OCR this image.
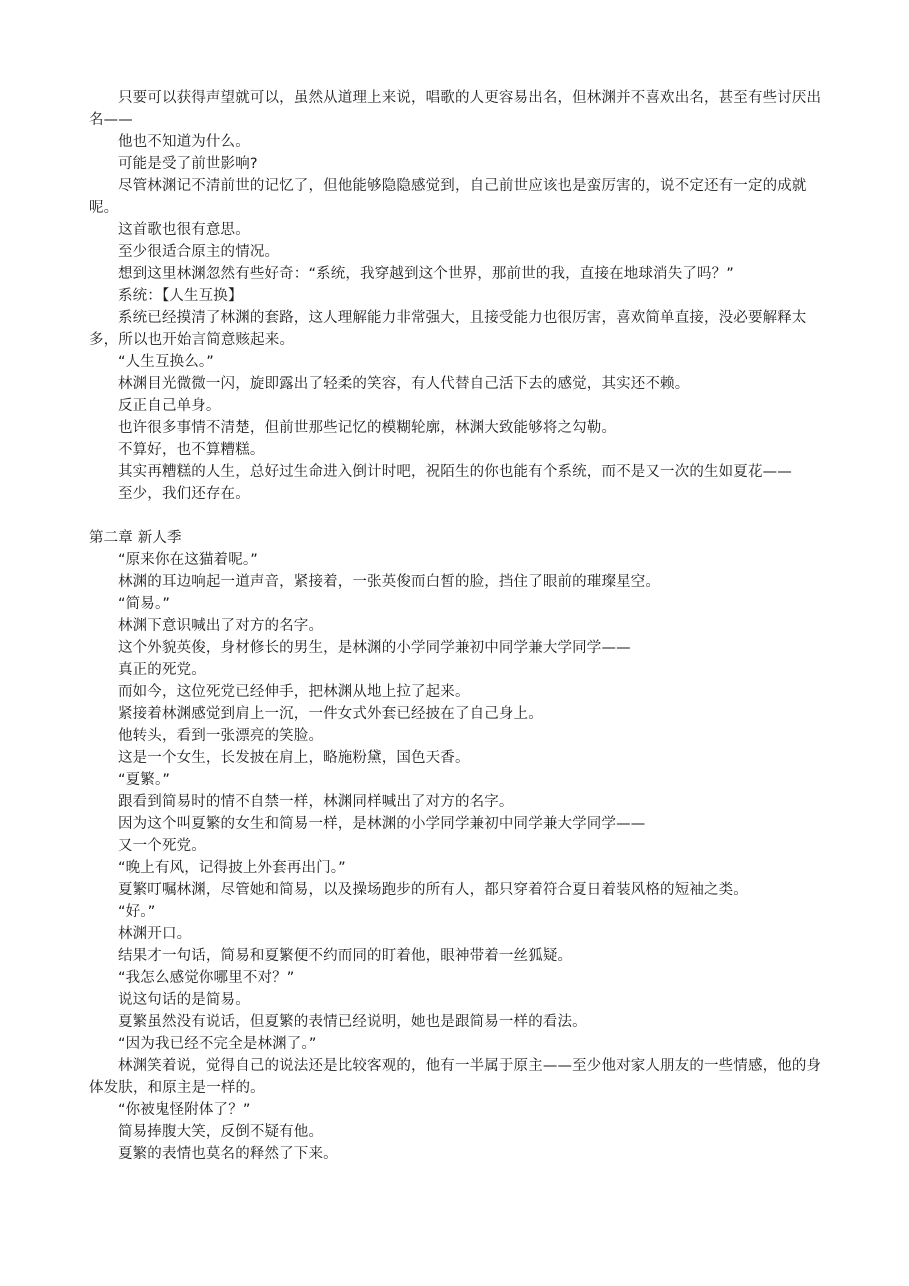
只要可以获得声望就可以，虽然从道理上来说，唱歌的人更容易出名，但林渊并不喜欢出名，甚至有些讨厌出名——

他也不知道为什么。

可能是受了前世影响?

尽管林渊记不清前世的记忆了，但他能够隐隐感觉到，自己前世应该也是蛮厉害的，说不定还有一定的成就呢。

这首歌也很有意思。

至少很适合原主的情况。

想到这里林渊忽然有些好奇：“系统，我穿越到这个世界，那前世的我，直接在地球消失了吗？”

系统：【人生互换】

系统已经摸清了林渊的套路，这人理解能力非常强大，且接受能力也很厉害，喜欢简单直接，没必要解释太多，所以也开始言简意赅起来。

“人生互换么。”

林渊目光微微一闪，旋即露出了轻柔的笑容，有人代替自己活下去的感觉，其实还不赖。

反正自己单身。

也许很多事情不清楚，但前世那些记忆的模糊轮廓，林渊大致能够将之勾勒。

不算好，也不算糟糕。

其实再糟糕的人生，总好过生命进入倒计时吧，祝陌生的你也能有个系统，而不是又一次的生如夏花——

至少，我们还存在。

第二章 新人季

“原来你在这猫着呢。”

林渊的耳边响起一道声音，紧接着，一张英俊而白皙的脸，挡住了眼前的璀璨星空。

“简易。”

林渊下意识喊出了对方的名字。

这个外貌英俊，身材修长的男生，是林渊的小学同学兼初中同学兼大学同学——

真正的死党。

而如今，这位死党已经伸手，把林渊从地上拉了起来。

紧接着林渊感觉到肩上一沉，一件女式外套已经披在了自己身上。

他转头，看到一张漂亮的笑脸。

这是一个女生，长发披在肩上，略施粉黛，国色天香。

“夏繁。”

跟看到简易时的情不自禁一样，林渊同样喊出了对方的名字。

因为这个叫夏繁的女生和简易一样，是林渊的小学同学兼初中同学兼大学同学——

又一个死党。

“晚上有风，记得披上外套再出门。”

夏繁叮嘱林渊，尽管她和简易，以及操场跑步的所有人，都只穿着符合夏日着装风格的短袖之类。

“好。”

林渊开口。

结果才一句话，简易和夏繁便不约而同的盯着他，眼神带着一丝狐疑。

“我怎么感觉你哪里不对？”

说这句话的是简易。

夏繁虽然没有说话，但夏繁的表情已经说明，她也是跟简易一样的看法。

“因为我已经不完全是林渊了。”

林渊笑着说，觉得自己的说法还是比较客观的，他有一半属于原主——至少他对家人朋友的一些情感，他的身体发肤，和原主是一样的。

“你被鬼怪附体了？”

简易捧腹大笑，反倒不疑有他。

夏繁的表情也莫名的释然了下来。
